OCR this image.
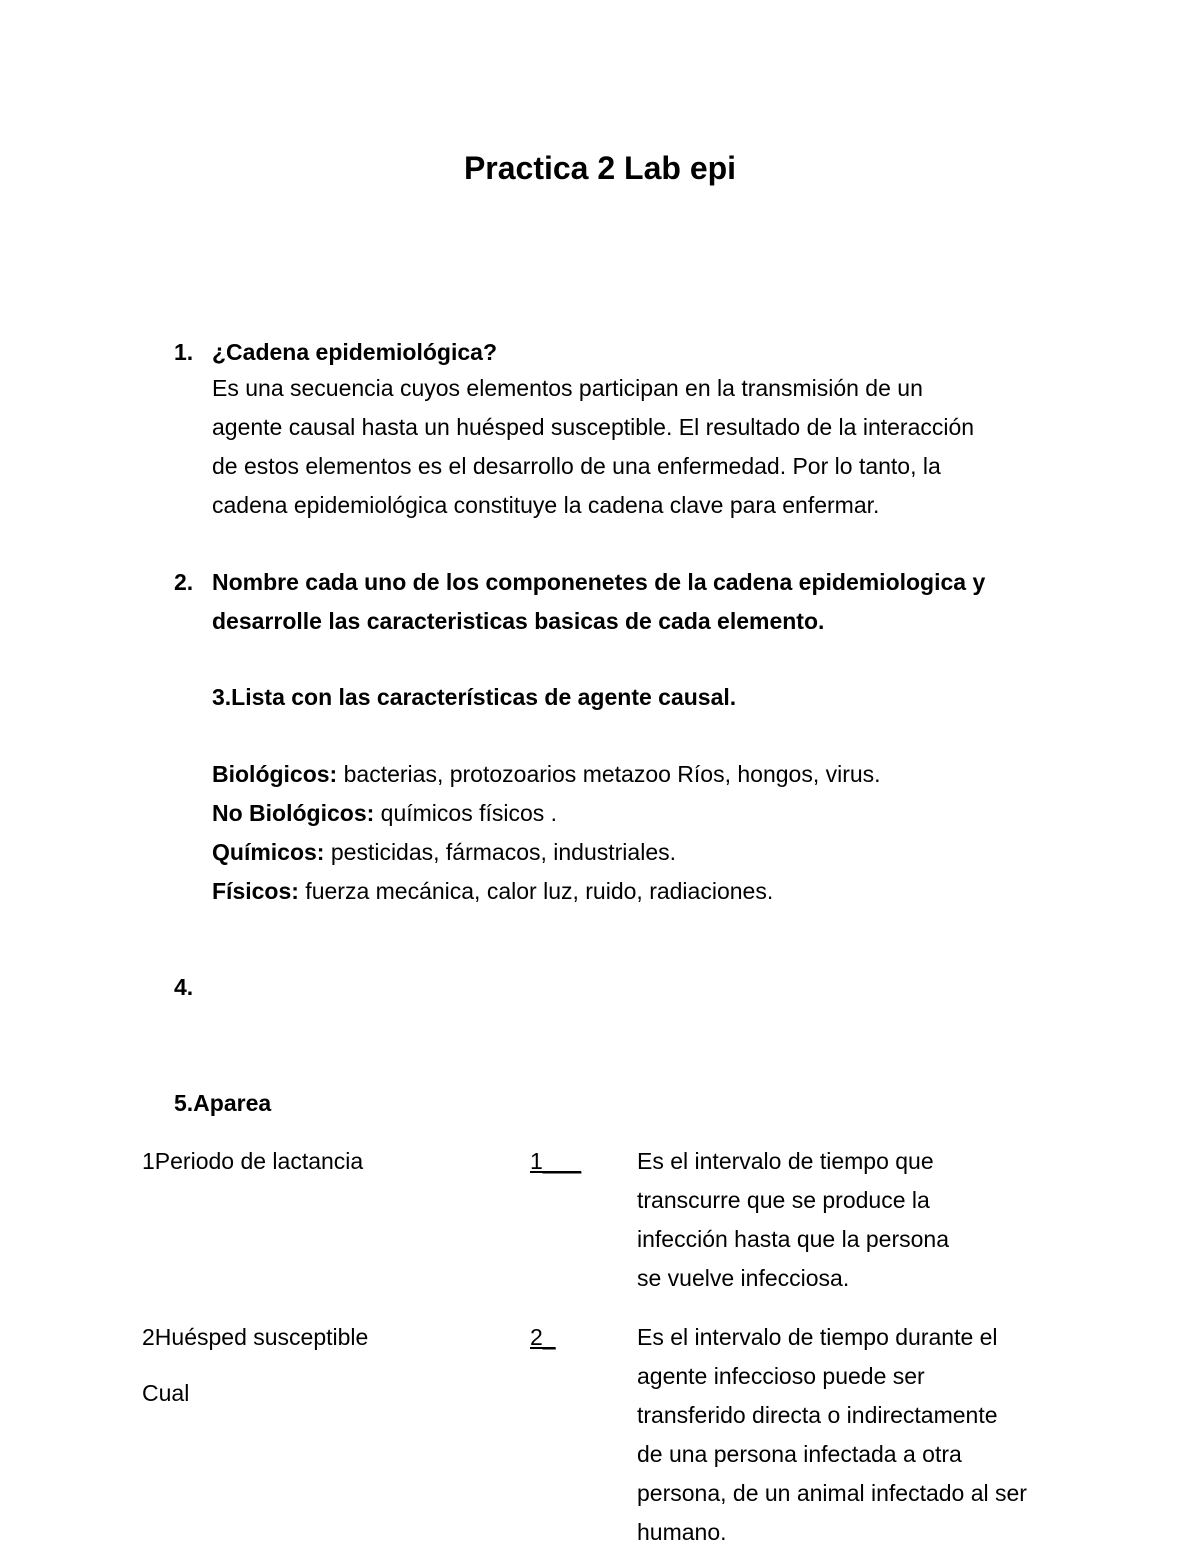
Practica 2 Lab epi
1. ¿Cadena epidemiológica?
Es una secuencia cuyos elementos participan en la transmisión de un
agente causal hasta un huésped susceptible. El resultado de la interacción
de estos elementos es el desarrollo de una enfermedad. Por lo tanto, la
cadena epidemiológica constituye la cadena clave para enfermar.
2. Nombre cada uno de los componenetes de la cadena epidemiologica y
desarrolle las caracteristicas basicas de cada elemento.
3.Lista con las características de agente causal.
Biológicos: bacterias, protozoarios metazoo Ríos, hongos, virus.
No Biológicos: químicos físicos .
Químicos: pesticidas, fármacos, industriales.
Físicos: fuerza mecánica, calor luz, ruido, radiaciones.
4.
5.Aparea
1Periodo de lactancia	1___ Es el intervalo de tiempo que
transcurre que se produce la
infección hasta que la persona
se vuelve infecciosa.
2Huésped susceptible
Cual
2_	Es el intervalo de tiempo durante el
agente infeccioso puede ser
transferido directa o indirectamente
de una persona infectada a otra
persona, de un animal infectado al ser
humano.
